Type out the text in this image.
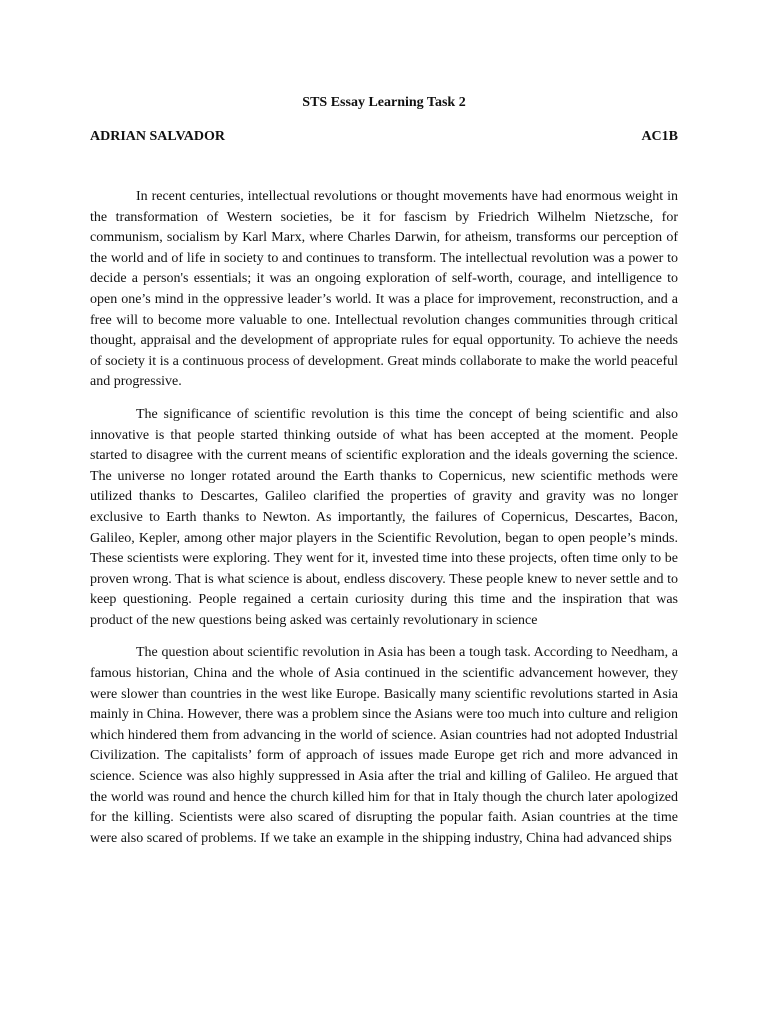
STS Essay Learning Task 2
ADRIAN SALVADOR	AC1B

In recent centuries, intellectual revolutions or thought movements have had enormous weight in the transformation of Western societies, be it for fascism by Friedrich Wilhelm Nietzsche, for communism, socialism by Karl Marx, where Charles Darwin, for atheism, transforms our perception of the world and of life in society to and continues to transform. The intellectual revolution was a power to decide a person's essentials; it was an ongoing exploration of self-worth, courage, and intelligence to open one’s mind in the oppressive leader’s world. It was a place for improvement, reconstruction, and a free will to become more valuable to one. Intellectual revolution changes communities through critical thought, appraisal and the development of appropriate rules for equal opportunity. To achieve the needs of society it is a continuous process of development. Great minds collaborate to make the world peaceful and progressive.

The significance of scientific revolution is this time the concept of being scientific and also innovative is that people started thinking outside of what has been accepted at the moment. People started to disagree with the current means of scientific exploration and the ideals governing the science. The universe no longer rotated around the Earth thanks to Copernicus, new scientific methods were utilized thanks to Descartes, Galileo clarified the properties of gravity and gravity was no longer exclusive to Earth thanks to Newton. As importantly, the failures of Copernicus, Descartes, Bacon, Galileo, Kepler, among other major players in the Scientific Revolution, began to open people’s minds. These scientists were exploring. They went for it, invested time into these projects, often time only to be proven wrong. That is what science is about, endless discovery. These people knew to never settle and to keep questioning. People regained a certain curiosity during this time and the inspiration that was product of the new questions being asked was certainly revolutionary in science

The question about scientific revolution in Asia has been a tough task. According to Needham, a famous historian, China and the whole of Asia continued in the scientific advancement however, they were slower than countries in the west like Europe. Basically many scientific revolutions started in Asia mainly in China. However, there was a problem since the Asians were too much into culture and religion which hindered them from advancing in the world of science. Asian countries had not adopted Industrial Civilization. The capitalists’ form of approach of issues made Europe get rich and more advanced in science. Science was also highly suppressed in Asia after the trial and killing of Galileo. He argued that the world was round and hence the church killed him for that in Italy though the church later apologized for the killing. Scientists were also scared of disrupting the popular faith. Asian countries at the time were also scared of problems. If we take an example in the shipping industry, China had advanced ships
